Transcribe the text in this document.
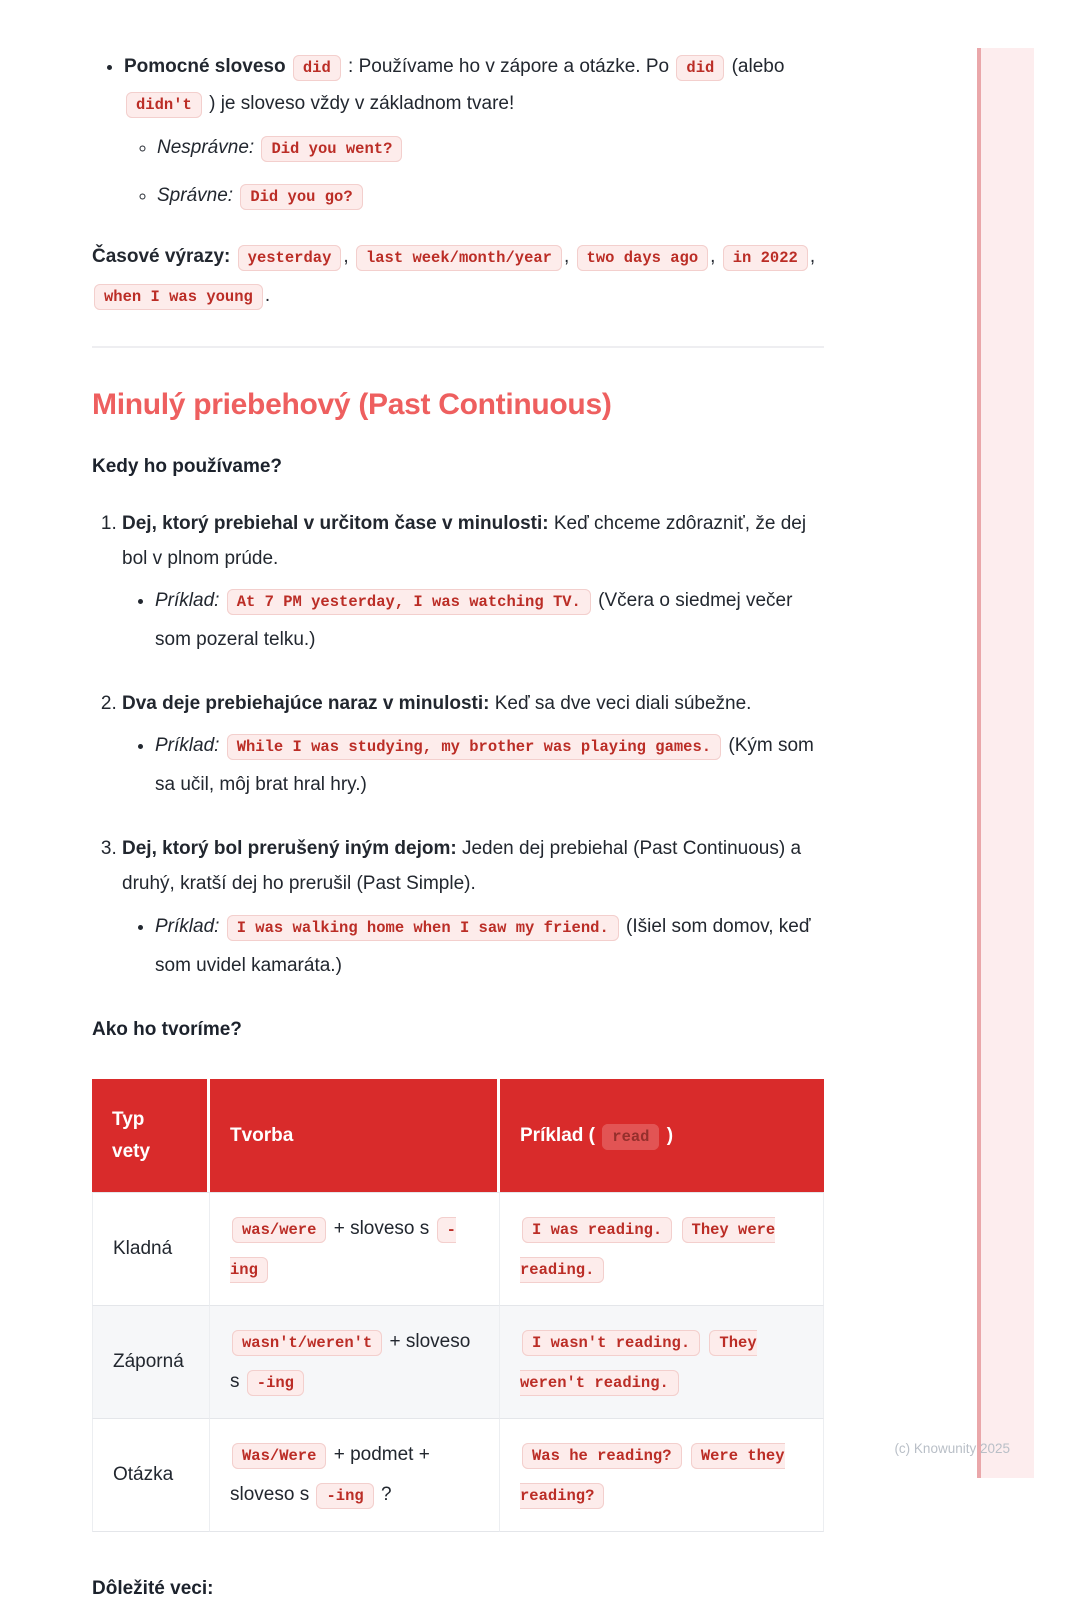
(c) Knowunity 2025
• Pomocné sloveso did : Používame ho v zápore a otázke. Po did (alebo didn't ) je sloveso vždy v základnom tvare!
◦ Nesprávne: Did you went?
◦ Správne: Did you go?

Časové výrazy: yesterday , last week/month/year , two days ago , in 2022 , when I was young .

Minulý priebehový (Past Continuous)

Kedy ho používame?

1. Dej, ktorý prebiehal v určitom čase v minulosti: Keď chceme zdôrazniť, že dej bol v plnom prúde.
• Príklad: At 7 PM yesterday, I was watching TV. (Včera o siedmej večer som pozeral telku.)
2. Dva deje prebiehajúce naraz v minulosti: Keď sa dve veci diali súbežne.
• Príklad: While I was studying, my brother was playing games. (Kým som sa učil, môj brat hral hry.)
3. Dej, ktorý bol prerušený iným dejom: Jeden dej prebiehal (Past Continuous) a druhý, kratší dej ho prerušil (Past Simple).
• Príklad: I was walking home when I saw my friend. (Išiel som domov, keď som uvidel kamaráta.)

Ako ho tvoríme?

Typ vety	Tvorba	Príklad ( read )
Kladná	was/were + sloveso s -ing	I was reading. They were reading.
Záporná	wasn't/weren't + sloveso s -ing	I wasn't reading. They weren't reading.
Otázka	Was/Were + podmet + sloveso s -ing ?	Was he reading? Were they reading?

Dôležité veci:
